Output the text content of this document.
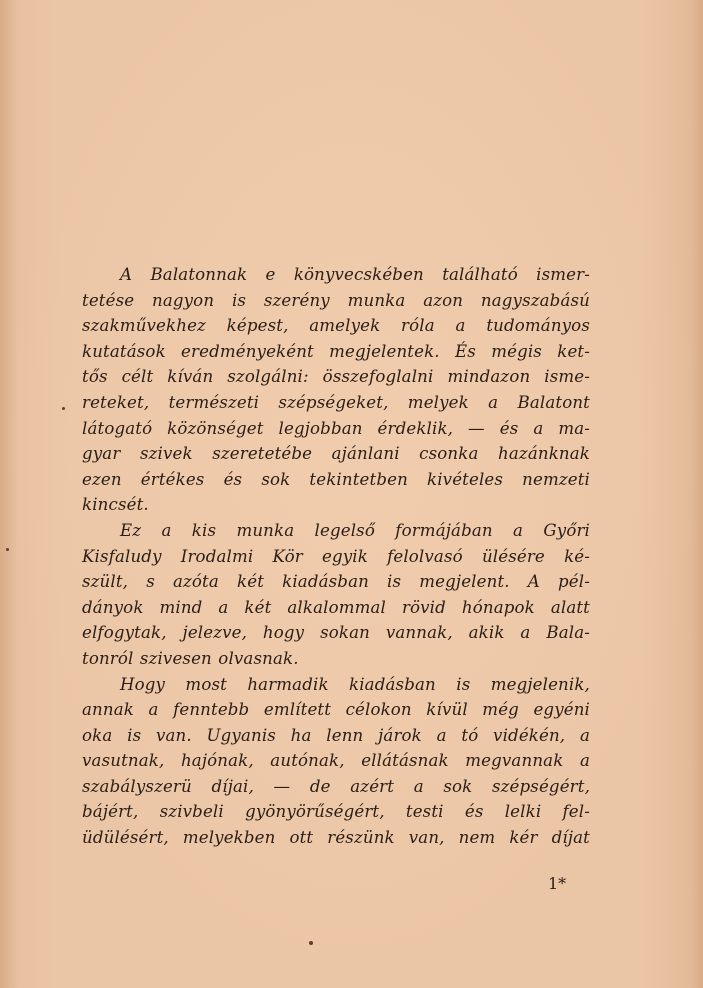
A Balatonnak e könyvecskében található ismer-
tetése nagyon is szerény munka azon nagyszabású
szakművekhez képest, amelyek róla a tudományos
kutatások eredményeként megjelentek. És mégis ket-
tős célt kíván szolgálni: összefoglalni mindazon isme-
reteket, természeti szépségeket, melyek a Balatont
látogató közönséget legjobban érdeklik, — és a ma-
gyar szivek szeretetébe ajánlani csonka hazánknak
ezen értékes és sok tekintetben kivételes nemzeti
kincsét.
Ez a kis munka legelső formájában a Győri
Kisfaludy Irodalmi Kör egyik felolvasó ülésére ké-
szült, s azóta két kiadásban is megjelent. A pél-
dányok mind a két alkalommal rövid hónapok alatt
elfogytak, jelezve, hogy sokan vannak, akik a Bala-
tonról szivesen olvasnak.
Hogy most harmadik kiadásban is megjelenik,
annak a fenntebb említett célokon kívül még egyéni
oka is van. Ugyanis ha lenn járok a tó vidékén, a
vasutnak, hajónak, autónak, ellátásnak megvannak a
szabályszerü díjai, — de azért a sok szépségért,
bájért, szivbeli gyönyörűségért, testi és lelki fel-
üdülésért, melyekben ott részünk van, nem kér díjat
1*
